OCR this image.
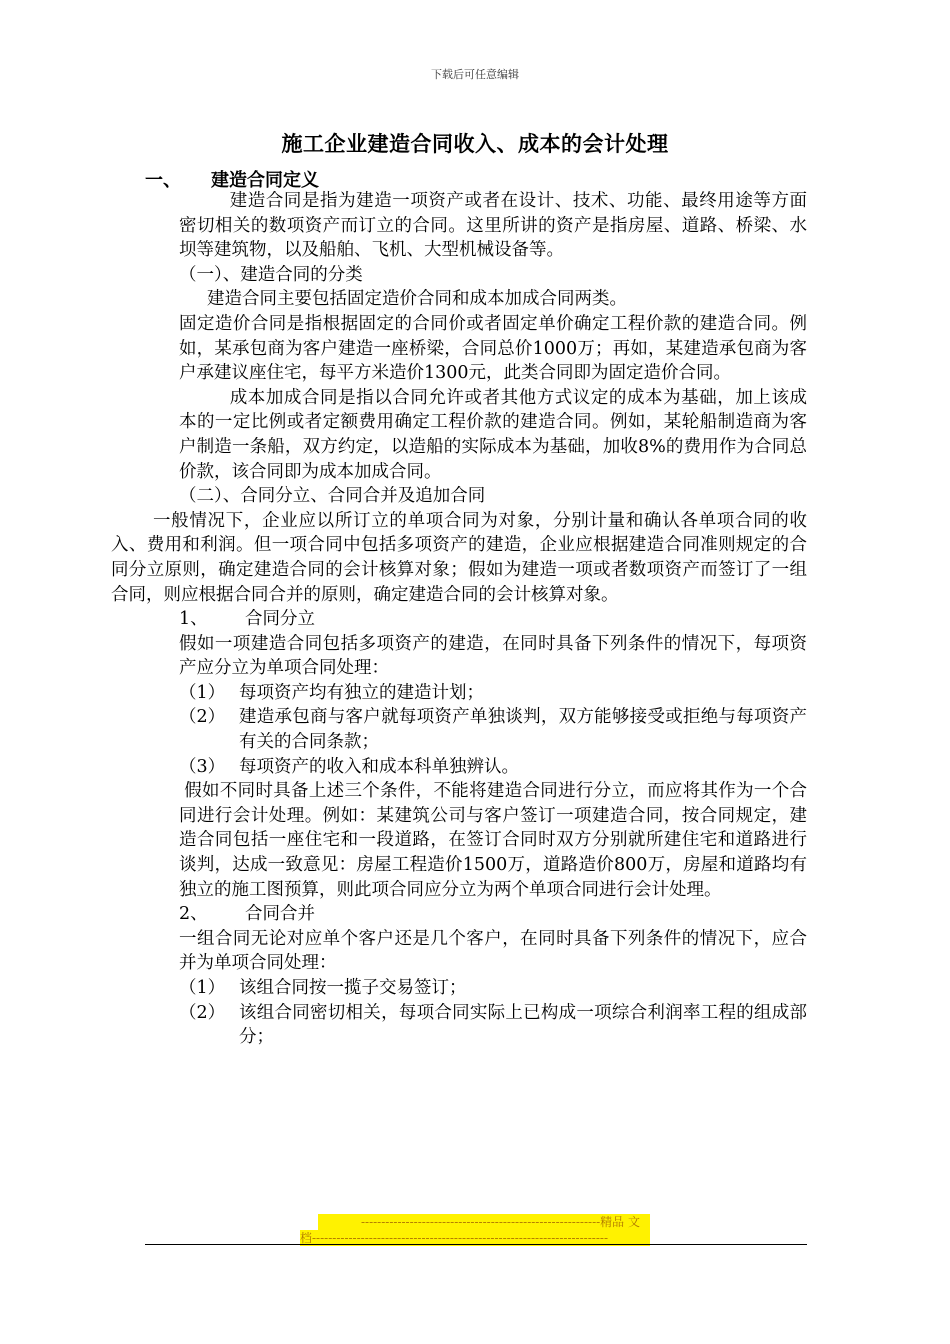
下载后可任意编辑
施工企业建造合同收入、成本的会计处理
一、 建造合同定义

建造合同是指为建造一项资产或者在设计、技术、功能、最终用途等方面密切相关的数项资产而订立的合同。这里所讲的资产是指房屋、道路、桥梁、水坝等建筑物，以及船舶、飞机、大型机械设备等。

（一）、建造合同的分类

建造合同主要包括固定造价合同和成本加成合同两类。

固定造价合同是指根据固定的合同价或者固定单价确定工程价款的建造合同。例如，某承包商为客户建造一座桥梁，合同总价1000万；再如，某建造承包商为客户承建议座住宅，每平方米造价1300元，此类合同即为固定造价合同。

成本加成合同是指以合同允许或者其他方式议定的成本为基础，加上该成本的一定比例或者定额费用确定工程价款的建造合同。例如，某轮船制造商为客户制造一条船，双方约定，以造船的实际成本为基础，加收8%的费用作为合同总价款，该合同即为成本加成合同。

（二）、合同分立、合同合并及追加合同

一般情况下，企业应以所订立的单项合同为对象，分别计量和确认各单项合同的收入、费用和利润。但一项合同中包括多项资产的建造，企业应根据建造合同准则规定的合同分立原则，确定建造合同的会计核算对象；假如为建造一项或者数项资产而签订了一组合同，则应根据合同合并的原则，确定建造合同的会计核算对象。

1、 合同分立

假如一项建造合同包括多项资产的建造，在同时具备下列条件的情况下，每项资产应分立为单项合同处理：

（1） 每项资产均有独立的建造计划；
（2） 建造承包商与客户就每项资产单独谈判，双方能够接受或拒绝与每项资产有关的合同条款；
（3） 每项资产的收入和成本科单独辨认。

假如不同时具备上述三个条件，不能将建造合同进行分立，而应将其作为一个合同进行会计处理。例如：某建筑公司与客户签订一项建造合同，按合同规定，建造合同包括一座住宅和一段道路，在签订合同时双方分别就所建住宅和道路进行谈判，达成一致意见：房屋工程造价1500万，道路造价800万，房屋和道路均有独立的施工图预算，则此项合同应分立为两个单项合同进行会计处理。

2、 合同合并

一组合同无论对应单个客户还是几个客户，在同时具备下列条件的情况下，应合并为单项合同处理：

（1） 该组合同按一揽子交易签订；
（2） 该组合同密切相关，每项合同实际上已构成一项综合利润率工程的组成部分；
-----------------------------------------------------------精品 文
档-------------------------------------------------------------------------
